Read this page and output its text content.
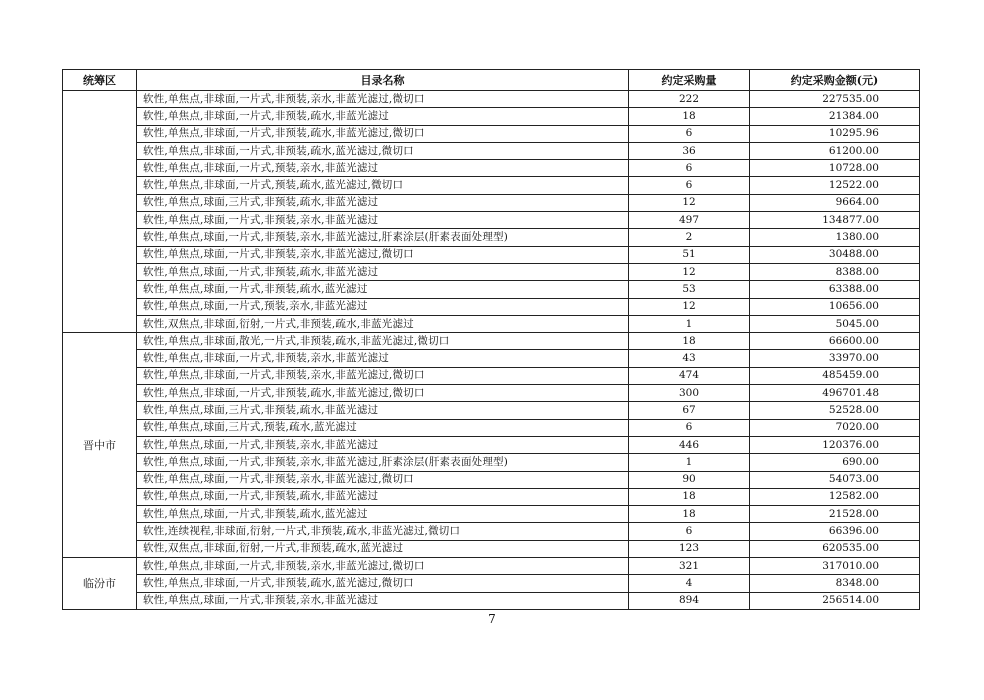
统筹区	目录名称	约定采购量	约定采购金额(元)
	软性,单焦点,非球面,一片式,非预装,亲水,非蓝光滤过,微切口	222	227535.00
	软性,单焦点,非球面,一片式,非预装,疏水,非蓝光滤过	18	21384.00
	软性,单焦点,非球面,一片式,非预装,疏水,非蓝光滤过,微切口	6	10295.96
	软性,单焦点,非球面,一片式,非预装,疏水,蓝光滤过,微切口	36	61200.00
	软性,单焦点,非球面,一片式,预装,亲水,非蓝光滤过	6	10728.00
	软性,单焦点,非球面,一片式,预装,疏水,蓝光滤过,微切口	6	12522.00
	软性,单焦点,球面,三片式,非预装,疏水,非蓝光滤过	12	9664.00
	软性,单焦点,球面,一片式,非预装,亲水,非蓝光滤过	497	134877.00
	软性,单焦点,球面,一片式,非预装,亲水,非蓝光滤过,肝素涂层(肝素表面处理型)	2	1380.00
	软性,单焦点,球面,一片式,非预装,亲水,非蓝光滤过,微切口	51	30488.00
	软性,单焦点,球面,一片式,非预装,疏水,非蓝光滤过	12	8388.00
	软性,单焦点,球面,一片式,非预装,疏水,蓝光滤过	53	63388.00
	软性,单焦点,球面,一片式,预装,亲水,非蓝光滤过	12	10656.00
	软性,双焦点,非球面,衍射,一片式,非预装,疏水,非蓝光滤过	1	5045.00
晋中市	软性,单焦点,非球面,散光,一片式,非预装,疏水,非蓝光滤过,微切口	18	66600.00
	软性,单焦点,非球面,一片式,非预装,亲水,非蓝光滤过	43	33970.00
	软性,单焦点,非球面,一片式,非预装,亲水,非蓝光滤过,微切口	474	485459.00
	软性,单焦点,非球面,一片式,非预装,疏水,非蓝光滤过,微切口	300	496701.48
	软性,单焦点,球面,三片式,非预装,疏水,非蓝光滤过	67	52528.00
	软性,单焦点,球面,三片式,预装,疏水,蓝光滤过	6	7020.00
	软性,单焦点,球面,一片式,非预装,亲水,非蓝光滤过	446	120376.00
	软性,单焦点,球面,一片式,非预装,亲水,非蓝光滤过,肝素涂层(肝素表面处理型)	1	690.00
	软性,单焦点,球面,一片式,非预装,亲水,非蓝光滤过,微切口	90	54073.00
	软性,单焦点,球面,一片式,非预装,疏水,非蓝光滤过	18	12582.00
	软性,单焦点,球面,一片式,非预装,疏水,蓝光滤过	18	21528.00
	软性,连续视程,非球面,衍射,一片式,非预装,疏水,非蓝光滤过,微切口	6	66396.00
	软性,双焦点,非球面,衍射,一片式,非预装,疏水,蓝光滤过	123	620535.00
临汾市	软性,单焦点,非球面,一片式,非预装,亲水,非蓝光滤过,微切口	321	317010.00
	软性,单焦点,非球面,一片式,非预装,疏水,蓝光滤过,微切口	4	8348.00
	软性,单焦点,球面,一片式,非预装,亲水,非蓝光滤过	894	256514.00
7
